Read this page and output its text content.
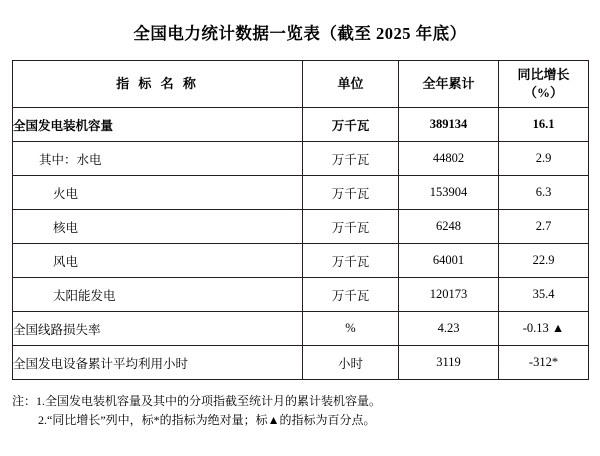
全国电力统计数据一览表（截至 2025 年底）
指 标 名 称	单位	全年累计	同比增长
（%）

全国发电装机容量	万千瓦	389134	16.1
其中：水电	万千瓦	44802	2.9
火电	万千瓦	153904	6.3
核电	万千瓦	6248	2.7
风电	万千瓦	64001	22.9
太阳能发电	万千瓦	120173	35.4
全国线路损失率	%	4.23	-0.13 ▲
全国发电设备累计平均利用小时	小时	3119	-312*
注：1.全国发电装机容量及其中的分项指截至统计月的累计装机容量。
2.“同比增长”列中，标*的指标为绝对量；标▲的指标为百分点。
